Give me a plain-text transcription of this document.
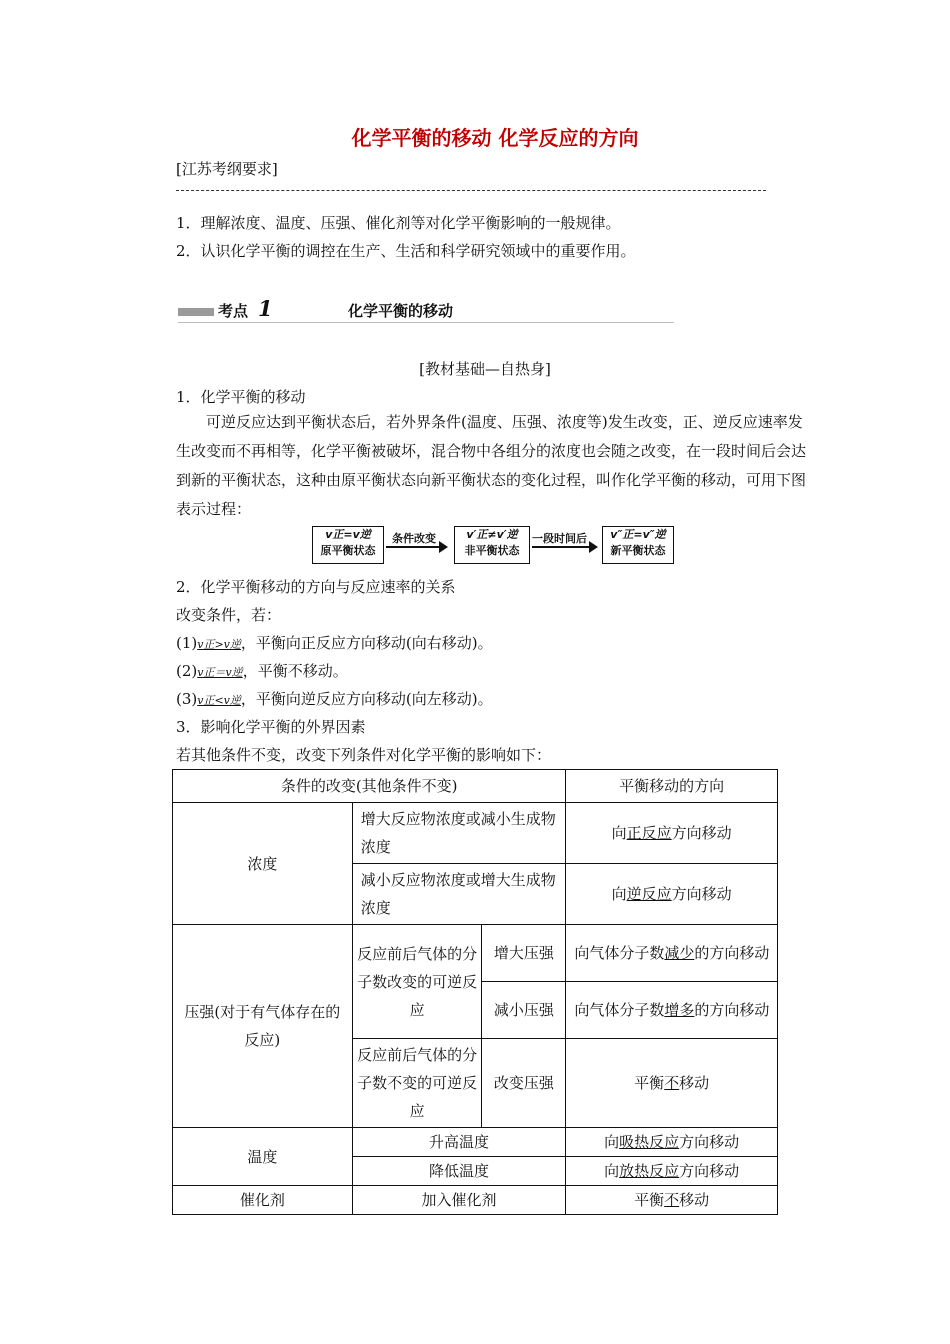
化学平衡的移动 化学反应的方向
[江苏考纲要求]
1．理解浓度、温度、压强、催化剂等对化学平衡影响的一般规律。
2．认识化学平衡的调控在生产、生活和科学研究领域中的重要作用。
考点 1	化学平衡的移动
[教材基础—自热身]
1．化学平衡的移动
可逆反应达到平衡状态后，若外界条件(温度、压强、浓度等)发生改变，正、逆反应速率发生改变而不再相等，化学平衡被破坏，混合物中各组分的浓度也会随之改变，在一段时间后会达到新的平衡状态，这种由原平衡状态向新平衡状态的变化过程，叫作化学平衡的移动，可用下图表示过程：
v正=v逆
原平衡状态
条件改变	v′正≠v′逆
非平衡状态
一段时间后	v″正=v″逆
新平衡状态
2．化学平衡移动的方向与反应速率的关系
改变条件，若：
(1)v正>v逆，平衡向正反应方向移动(向右移动)。
(2)v正＝v逆，平衡不移动。
(3)v正<v逆，平衡向逆反应方向移动(向左移动)。
3．影响化学平衡的外界因素
若其他条件不变，改变下列条件对化学平衡的影响如下：
条件的改变(其他条件不变)			平衡移动的方向
浓度	增大反应物浓度或减小生成物浓度		向正反应方向移动
	减小反应物浓度或增大生成物浓度		向逆反应方向移动
压强(对于有气体存在的反应)	反应前后气体的分子数改变的可逆反应	增大压强	向气体分子数减少的方向移动
		减小压强	向气体分子数增多的方向移动
	反应前后气体的分子数不变的可逆反应	改变压强	平衡不移动
温度	升高温度		向吸热反应方向移动
	降低温度		向放热反应方向移动
催化剂	加入催化剂		平衡不移动
